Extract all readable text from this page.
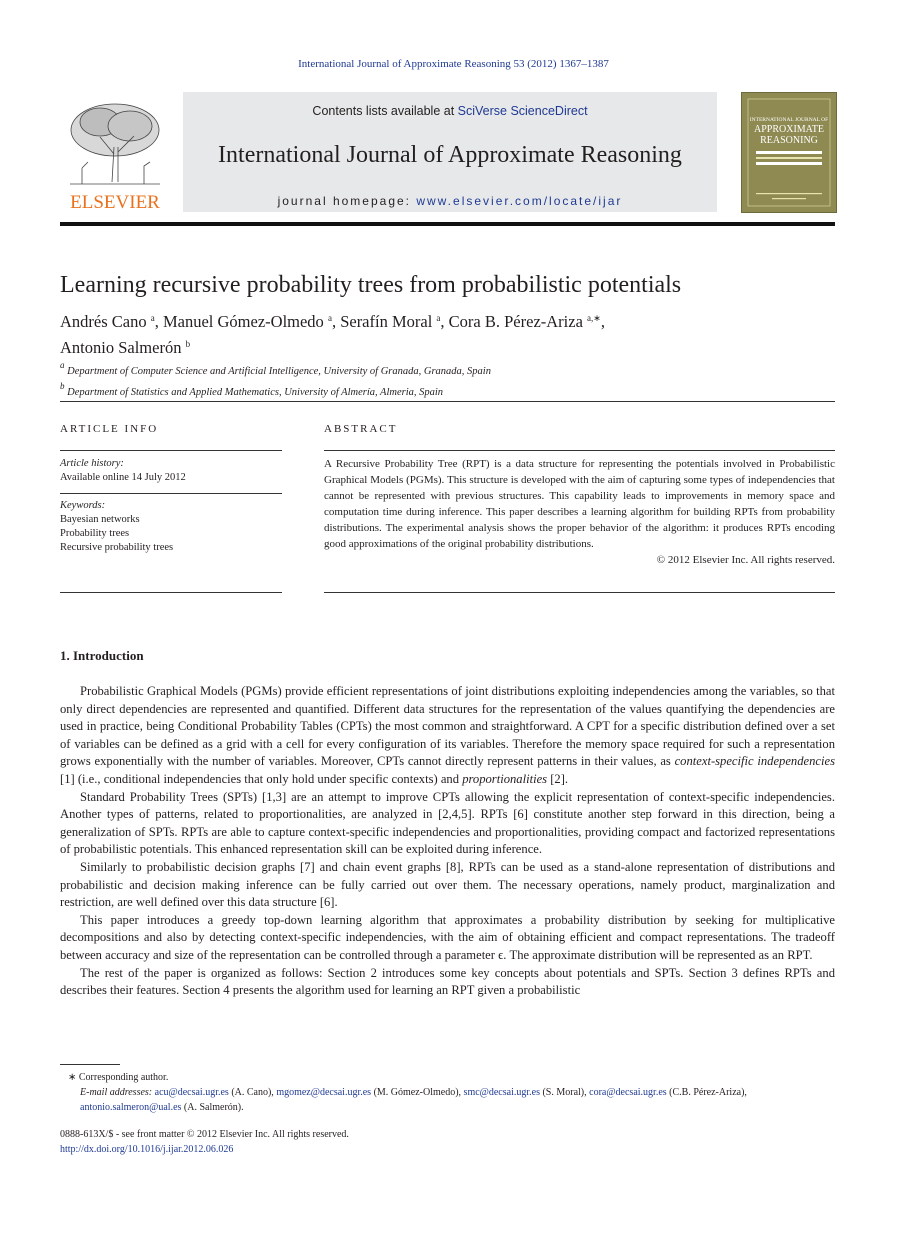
International Journal of Approximate Reasoning 53 (2012) 1367–1387
ELSEVIER
Contents lists available at SciVerse ScienceDirect
International Journal of Approximate Reasoning
journal homepage: www.elsevier.com/locate/ijar
INTERNATIONAL JOURNAL OF
APPROXIMATE
REASONING
Learning recursive probability trees from probabilistic potentials
Andrés Cano $^a$, Manuel Gómez-Olmedo $^a$, Serafín Moral $^a$, Cora B. Pérez-Ariza $^{a,∗}$,
Antonio Salmerón $^b$
$^a$ Department of Computer Science and Artificial Intelligence, University of Granada, Granada, Spain
$^b$ Department of Statistics and Applied Mathematics, University of Almería, Almeria, Spain
ARTICLE INFO
Article history:
Available online 14 July 2012
Keywords:
Bayesian networks
Probability trees
Recursive probability trees
ABSTRACT
A Recursive Probability Tree (RPT) is a data structure for representing the potentials involved in Probabilistic Graphical Models (PGMs). This structure is developed with the aim of capturing some types of independencies that cannot be represented with previous structures. This capability leads to improvements in memory space and computation time during inference. This paper describes a learning algorithm for building RPTs from probability distributions. The experimental analysis shows the proper behavior of the algorithm: it produces RPTs encoding good approximations of the original probability distributions.
© 2012 Elsevier Inc. All rights reserved.
1. Introduction

Probabilistic Graphical Models (PGMs) provide efficient representations of joint distributions exploiting independencies among the variables, so that only direct dependencies are represented and quantified. Different data structures for the representation of the values quantifying the dependencies are used in practice, being Conditional Probability Tables (CPTs) the most common and straightforward. A CPT for a specific distribution defined over a set of variables can be defined as a grid with a cell for every configuration of its variables. Therefore the memory space required for such a representation grows exponentially with the number of variables. Moreover, CPTs cannot directly represent patterns in their values, as context-specific independencies [1] (i.e., conditional independencies that only hold under specific contexts) and proportionalities [2].

Standard Probability Trees (SPTs) [1,3] are an attempt to improve CPTs allowing the explicit representation of context-specific independencies. Another types of patterns, related to proportionalities, are analyzed in [2,4,5]. RPTs [6] constitute another step forward in this direction, being a generalization of SPTs. RPTs are able to capture context-specific independencies and proportionalities, providing compact and factorized representations of probabilistic potentials. This enhanced representation skill can be exploited during inference.

Similarly to probabilistic decision graphs [7] and chain event graphs [8], RPTs can be used as a stand-alone representation of distributions and probabilistic and decision making inference can be fully carried out over them. The necessary operations, namely product, marginalization and restriction, are well defined over this data structure [6].

This paper introduces a greedy top-down learning algorithm that approximates a probability distribution by seeking for multiplicative decompositions and also by detecting context-specific independencies, with the aim of obtaining efficient and compact representations. The tradeoff between accuracy and size of the representation can be controlled through a parameter ϵ. The approximate distribution will be represented as an RPT.

The rest of the paper is organized as follows: Section 2 introduces some key concepts about potentials and SPTs. Section 3 defines RPTs and describes their features. Section 4 presents the algorithm used for learning an RPT given a probabilistic

∗ Corresponding author.
E-mail addresses: acu@decsai.ugr.es (A. Cano), mgomez@decsai.ugr.es (M. Gómez-Olmedo), smc@decsai.ugr.es (S. Moral), cora@decsai.ugr.es (C.B. Pérez-Ariza), antonio.salmeron@ual.es (A. Salmerón).
0888-613X/$ - see front matter © 2012 Elsevier Inc. All rights reserved.
http://dx.doi.org/10.1016/j.ijar.2012.06.026
